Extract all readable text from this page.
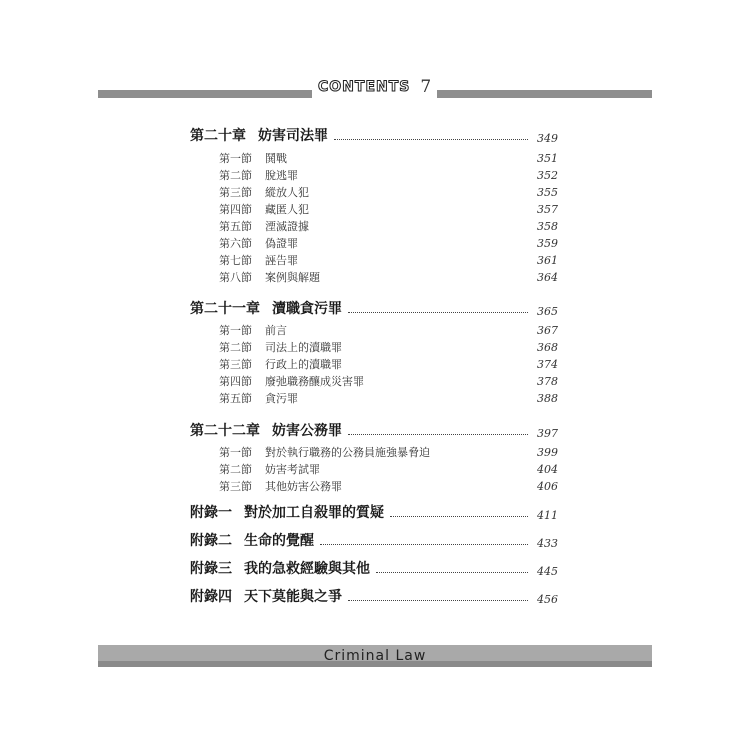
CONTENTS 7
第二十章 妨害司法罪	349
第一節	鬨戰	351
第二節	脫逃罪	352
第三節	縱放人犯	355
第四節	藏匿人犯	357
第五節	湮滅證據	358
第六節	偽證罪	359
第七節	誣告罪	361
第八節	案例與解題	364
第二十一章 瀆職貪污罪	365
第一節	前言	367
第二節	司法上的瀆職罪	368
第三節	行政上的瀆職罪	374
第四節	廢弛職務釀成災害罪	378
第五節	貪污罪	388
第二十二章 妨害公務罪	397
第一節	對於執行職務的公務員施強暴脅迫	399
第二節	妨害考試罪	404
第三節	其他妨害公務罪	406
附錄一 對於加工自殺罪的質疑	411
附錄二 生命的覺醒	433
附錄三 我的急救經驗與其他	445
附錄四 天下莫能與之爭	456
Criminal Law
